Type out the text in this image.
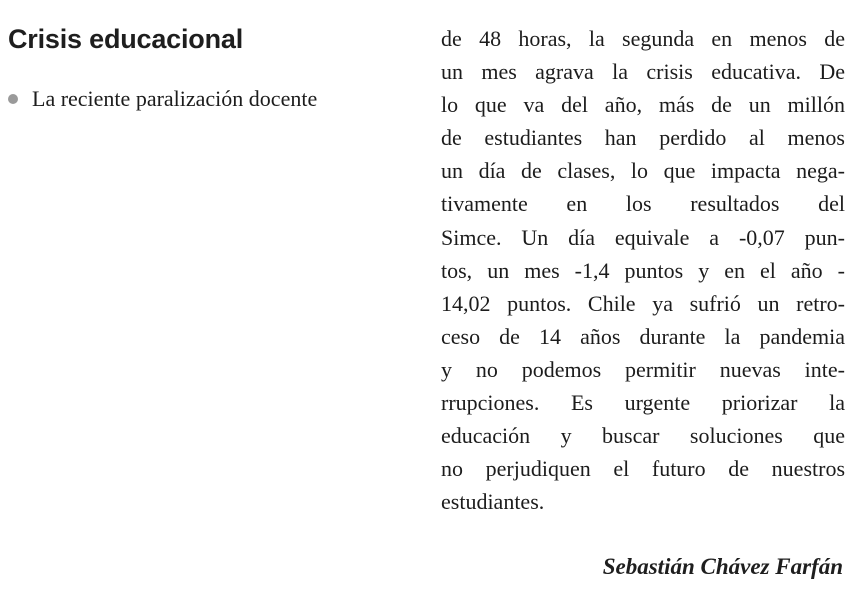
Crisis educacional
La reciente paralización docente
de 48 horas, la segunda en menos de
un mes agrava la crisis educativa. De
lo que va del año, más de un millón
de estudiantes han perdido al menos
un día de clases, lo que impacta nega-
tivamente en los resultados del
Simce. Un día equivale a -0,07 pun-
tos, un mes -1,4 puntos y en el año -
14,02 puntos. Chile ya sufrió un retro-
ceso de 14 años durante la pandemia
y no podemos permitir nuevas inte-
rrupciones. Es urgente priorizar la
educación y buscar soluciones que
no perjudiquen el futuro de nuestros
estudiantes.
Sebastián Chávez Farfán
